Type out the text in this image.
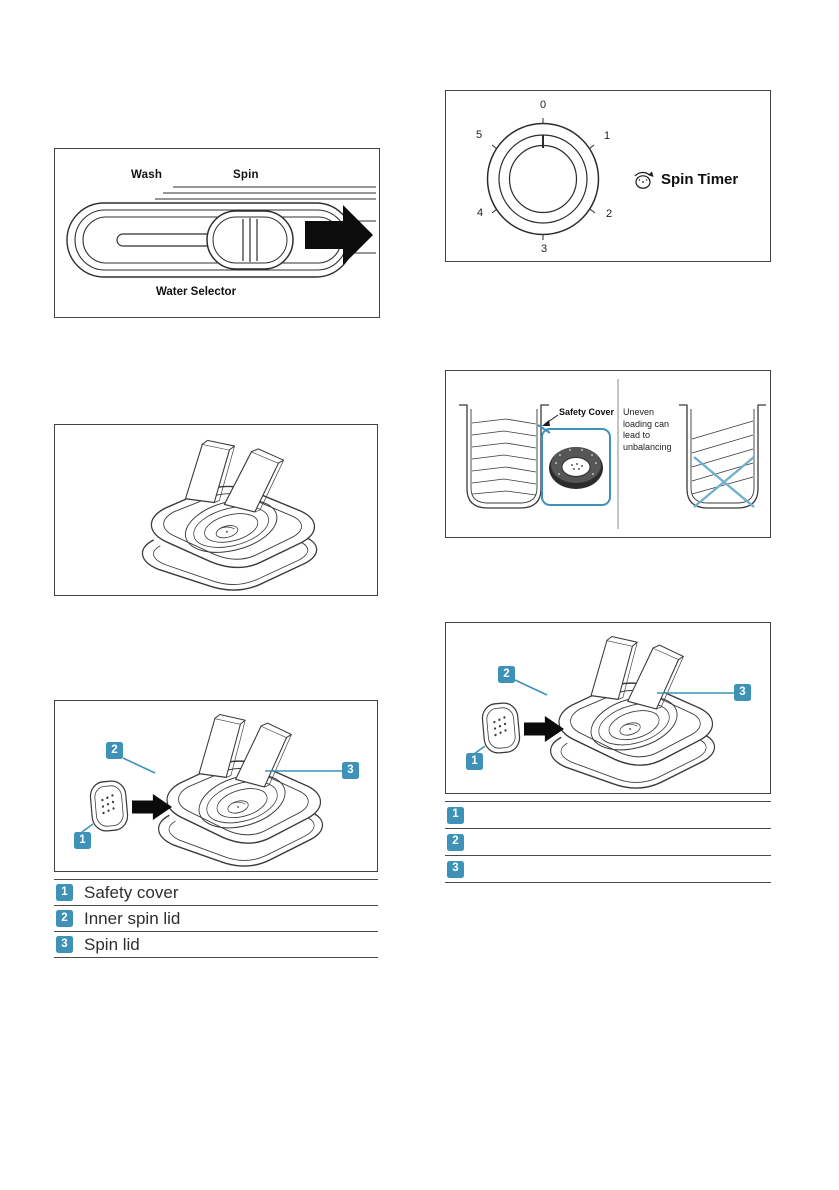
Wash	Spin
Water Selector
0
1
2
3
4
5
Spin Timer
Safety Cover Uneven loading can lead to unbalancing
2
3
1
2
3
1
1 Safety cover
2 Inner spin lid
3 Spin lid
1
2
3
